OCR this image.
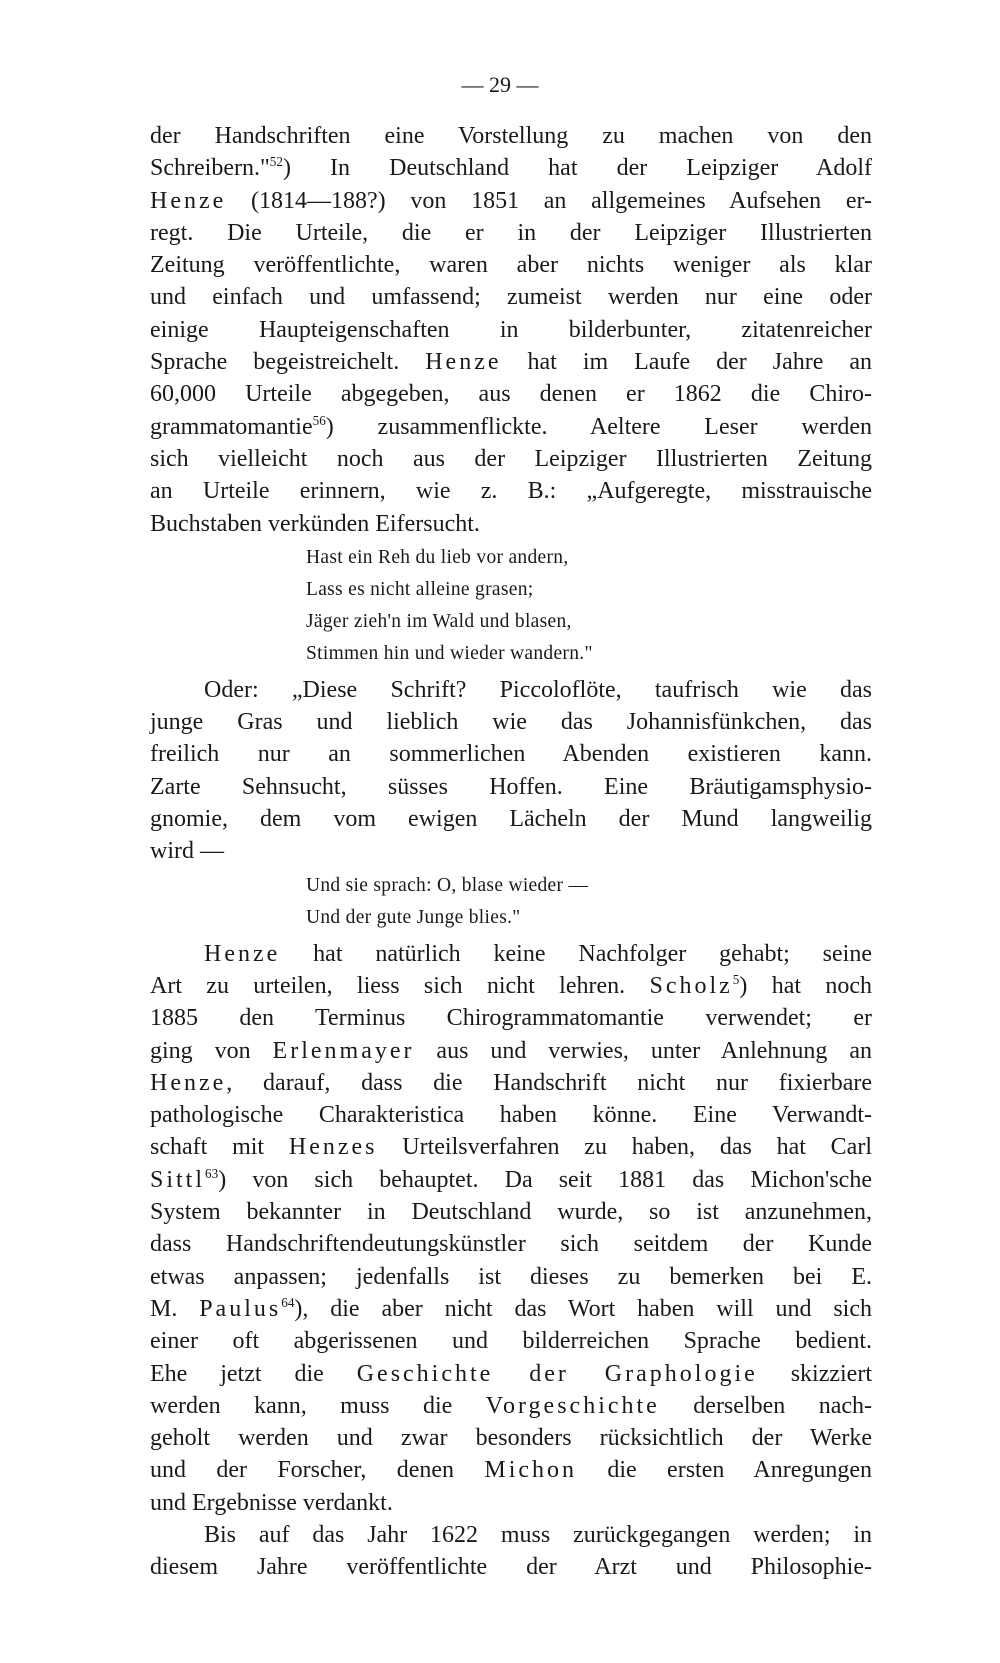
— 29 —
der Handschriften eine Vorstellung zu machen von den
Schreibern."$^{52}$) In Deutschland hat der Leipziger Adolf
Henze (1814—188?) von 1851 an allgemeines Aufsehen er-
regt. Die Urteile, die er in der Leipziger Illustrierten
Zeitung veröffentlichte, waren aber nichts weniger als klar
und einfach und umfassend; zumeist werden nur eine oder
einige Haupteigenschaften in bilderbunter, zitatenreicher
Sprache begeistreichelt. Henze hat im Laufe der Jahre an
60,000 Urteile abgegeben, aus denen er 1862 die Chiro-
grammatomantie$^{56}$) zusammenflickte. Aeltere Leser werden
sich vielleicht noch aus der Leipziger Illustrierten Zeitung
an Urteile erinnern, wie z. B.: „Aufgeregte, misstrauische
Buchstaben verkünden Eifersucht.
Hast ein Reh du lieb vor andern,
Lass es nicht alleine grasen;
Jäger zieh'n im Wald und blasen,
Stimmen hin und wieder wandern."
Oder: „Diese Schrift? Piccoloflöte, taufrisch wie das
junge Gras und lieblich wie das Johannisfünkchen, das
freilich nur an sommerlichen Abenden existieren kann.
Zarte Sehnsucht, süsses Hoffen. Eine Bräutigamsphysio-
gnomie, dem vom ewigen Lächeln der Mund langweilig
wird —
Und sie sprach: O, blase wieder —
Und der gute Junge blies."
Henze hat natürlich keine Nachfolger gehabt; seine
Art zu urteilen, liess sich nicht lehren. Scholz$^5$) hat noch
1885 den Terminus Chirogrammatomantie verwendet; er
ging von Erlenmayer aus und verwies, unter Anlehnung an
Henze, darauf, dass die Handschrift nicht nur fixierbare
pathologische Charakteristica haben könne. Eine Verwandt-
schaft mit Henzes Urteilsverfahren zu haben, das hat Carl
Sittl$^{63}$) von sich behauptet. Da seit 1881 das Michon'sche
System bekannter in Deutschland wurde, so ist anzunehmen,
dass Handschriftendeutungskünstler sich seitdem der Kunde
etwas anpassen; jedenfalls ist dieses zu bemerken bei E.
M. Paulus$^{64}$), die aber nicht das Wort haben will und sich
einer oft abgerissenen und bilderreichen Sprache bedient.
Ehe jetzt die Geschichte der Graphologie skizziert
werden kann, muss die Vorgeschichte derselben nach-
geholt werden und zwar besonders rücksichtlich der Werke
und der Forscher, denen Michon die ersten Anregungen
und Ergebnisse verdankt.
Bis auf das Jahr 1622 muss zurückgegangen werden; in
diesem Jahre veröffentlichte der Arzt und Philosophie-
